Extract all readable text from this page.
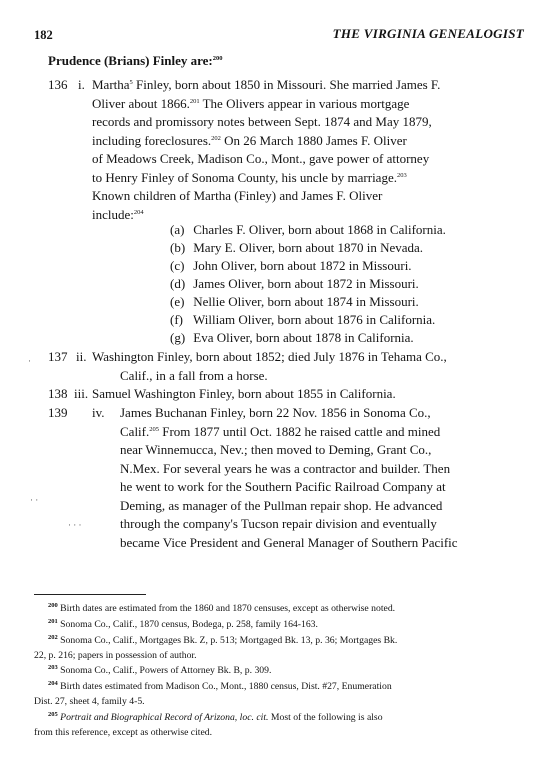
182	THE VIRGINIA GENEALOGIST
Prudence (Brians) Finley are:$^{200}$
136 i. Martha$^5$ Finley, born about 1850 in Missouri. She married James F.
Oliver about 1866.$^{201}$ The Olivers appear in various mortgage
records and promissory notes between Sept. 1874 and May 1879,
including foreclosures.$^{202}$ On 26 March 1880 James F. Oliver
of Meadows Creek, Madison Co., Mont., gave power of attorney
to Henry Finley of Sonoma County, his uncle by marriage.$^{203}$
Known children of Martha (Finley) and James F. Oliver
include:$^{204}$
(a) Charles F. Oliver, born about 1868 in California.
(b) Mary E. Oliver, born about 1870 in Nevada.
(c) John Oliver, born about 1872 in Missouri.
(d) James Oliver, born about 1872 in Missouri.
(e) Nellie Oliver, born about 1874 in Missouri.
(f) William Oliver, born about 1876 in California.
(g) Eva Oliver, born about 1878 in California.
137 ii. Washington Finley, born about 1852; died July 1876 in Tehama Co.,
Calif., in a fall from a horse.
138 iii. Samuel Washington Finley, born about 1855 in California.
139 iv. James Buchanan Finley, born 22 Nov. 1856 in Sonoma Co.,
Calif.$^{205}$ From 1877 until Oct. 1882 he raised cattle and mined
near Winnemucca, Nev.; then moved to Deming, Grant Co.,
N.Mex. For several years he was a contractor and builder. Then
he went to work for the Southern Pacific Railroad Company at
Deming, as manager of the Pullman repair shop. He advanced
through the company's Tucson repair division and eventually
became Vice President and General Manager of Southern Pacific
·
· ·
· · ·
$^{200}$ Birth dates are estimated from the 1860 and 1870 censuses, except as otherwise noted.
$^{201}$ Sonoma Co., Calif., 1870 census, Bodega, p. 258, family 164-163.
$^{202}$ Sonoma Co., Calif., Mortgages Bk. Z, p. 513; Mortgaged Bk. 13, p. 36; Mortgages Bk.
22, p. 216; papers in possession of author.
$^{203}$ Sonoma Co., Calif., Powers of Attorney Bk. B, p. 309.
$^{204}$ Birth dates estimated from Madison Co., Mont., 1880 census, Dist. #27, Enumeration
Dist. 27, sheet 4, family 4-5.
$^{205}$ Portrait and Biographical Record of Arizona, loc. cit. Most of the following is also
from this reference, except as otherwise cited.
